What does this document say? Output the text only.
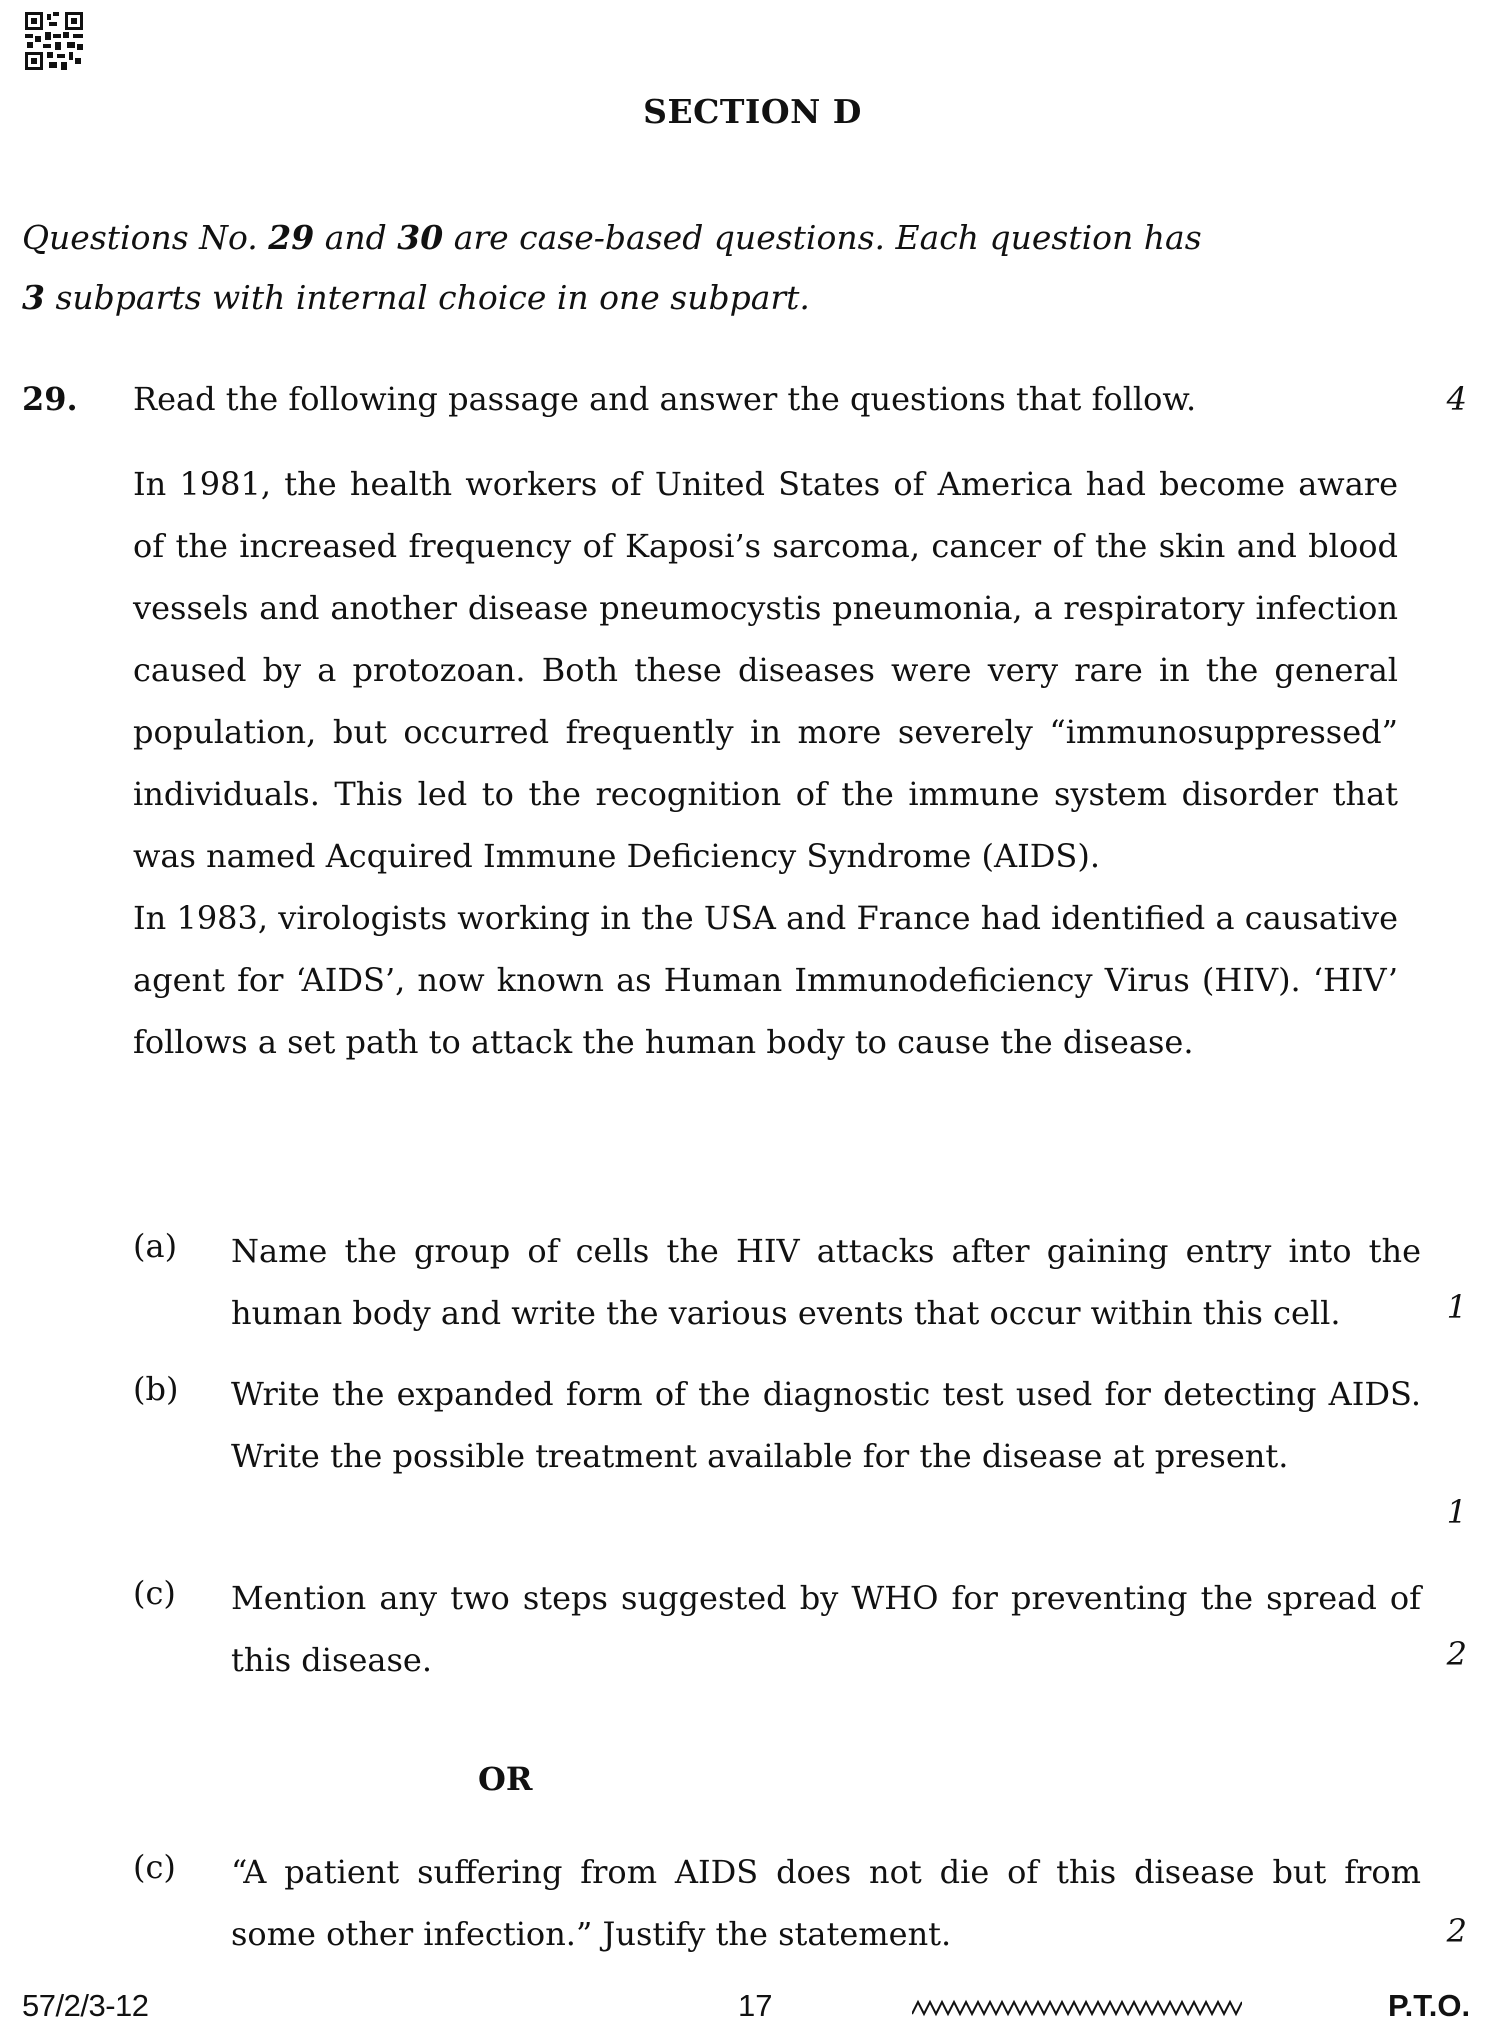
SECTION D
Questions No. 29 and 30 are case-based questions. Each question has
3 subparts with internal choice in one subpart.
29. Read the following passage and answer the questions that follow.	4

In 1981, the health workers of United States of America had become aware of the increased frequency of Kaposi’s sarcoma, cancer of the skin and blood vessels and another disease pneumocystis pneumonia, a respiratory infection caused by a protozoan. Both these diseases were very rare in the general population, but occurred frequently in more severely “immunosuppressed” individuals. This led to the recognition of the immune system disorder that was named Acquired Immune Deficiency Syndrome (AIDS).

In 1983, virologists working in the USA and France had identified a causative agent for ‘AIDS’, now known as Human Immunodeficiency Virus (HIV). ‘HIV’ follows a set path to attack the human body to cause the disease.

(a) Name the group of cells the HIV attacks after gaining entry into the human body and write the various events that occur within this cell.	1
(b) Write the expanded form of the diagnostic test used for detecting AIDS. Write the possible treatment available for the disease at present.
1
(c) Mention any two steps suggested by WHO for preventing the spread of this disease.	2
OR
(c) “A patient suffering from AIDS does not die of this disease but from some other infection.” Justify the statement.	2
57/2/3-12	17	P.T.O.
